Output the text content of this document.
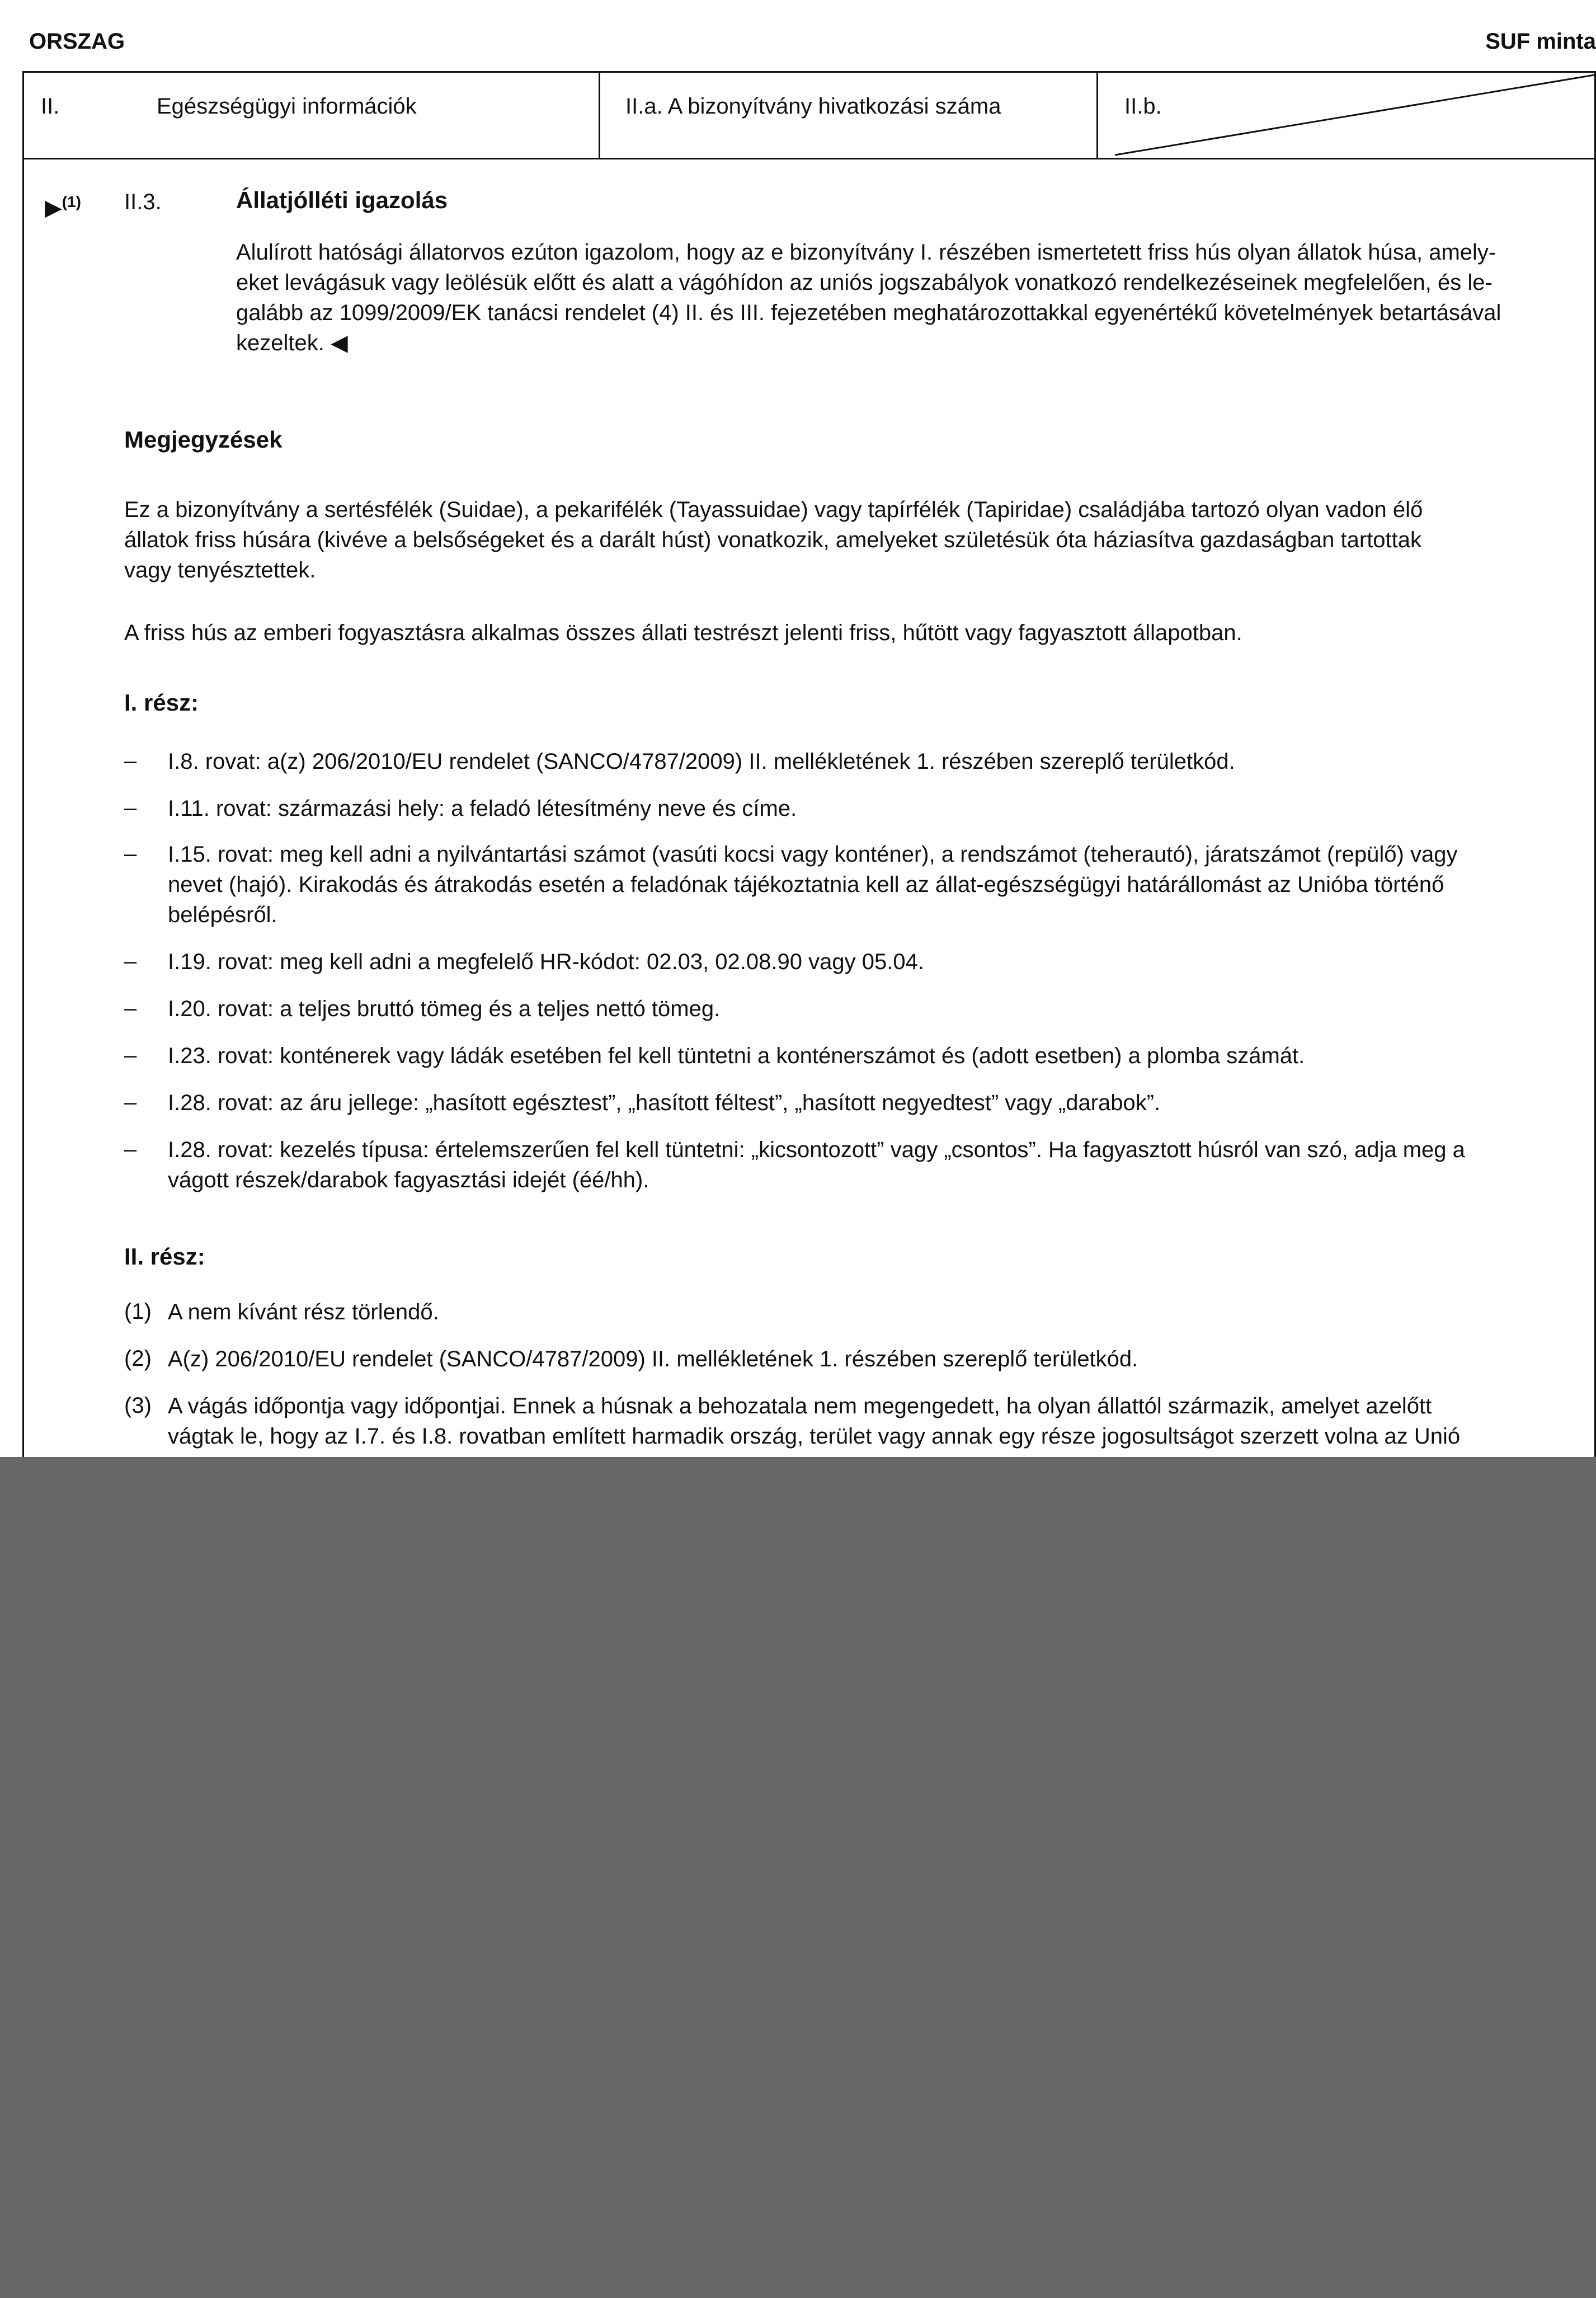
ORSZAG	SUF minta
II.	Egészségügyi információk	II.a. A bizonyítvány hivatkozási száma	II.b.
▶$^{(1)}$ II.3.	Állatjólléti igazolás
Alulírott hatósági állatorvos ezúton igazolom, hogy az e bizonyítvány I. részében ismertetett friss hús olyan állatok húsa, amely-
eket levágásuk vagy leölésük előtt és alatt a vágóhídon az uniós jogszabályok vonatkozó rendelkezéseinek megfelelően, és le-
galább az 1099/2009/EK tanácsi rendelet (4) II. és III. fejezetében meghatározottakkal egyenértékű követelmények betartásával
kezeltek. ◀
Megjegyzések
Ez a bizonyítvány a sertésfélék (Suidae), a pekarifélék (Tayassuidae) vagy tapírfélék (Tapiridae) családjába tartozó olyan vadon élő
állatok friss húsára (kivéve a belsőségeket és a darált húst) vonatkozik, amelyeket születésük óta háziasítva gazdaságban tartottak
vagy tenyésztettek.
A friss hús az emberi fogyasztásra alkalmas összes állati testrészt jelenti friss, hűtött vagy fagyasztott állapotban.
I. rész:
– I.8. rovat: a(z) 206/2010/EU rendelet (SANCO/4787/2009) II. mellékletének 1. részében szereplő területkód.
– I.11. rovat: származási hely: a feladó létesítmény neve és címe.
– I.15. rovat: meg kell adni a nyilvántartási számot (vasúti kocsi vagy konténer), a rendszámot (teherautó), járatszámot (repülő) vagy
nevet (hajó). Kirakodás és átrakodás esetén a feladónak tájékoztatnia kell az állat-egészségügyi határállomást az Unióba történő
belépésről.
– I.19. rovat: meg kell adni a megfelelő HR-kódot: 02.03, 02.08.90 vagy 05.04.
– I.20. rovat: a teljes bruttó tömeg és a teljes nettó tömeg.
– I.23. rovat: konténerek vagy ládák esetében fel kell tüntetni a konténerszámot és (adott esetben) a plomba számát.
– I.28. rovat: az áru jellege: „hasított egésztest”, „hasított féltest”, „hasított negyedtest” vagy „darabok”.
– I.28. rovat: kezelés típusa: értelemszerűen fel kell tüntetni: „kicsontozott” vagy „csontos”. Ha fagyasztott húsról van szó, adja meg a
vágott részek/darabok fagyasztási idejét (éé/hh).
II. rész:
(1) A nem kívánt rész törlendő.
(2) A(z) 206/2010/EU rendelet (SANCO/4787/2009) II. mellékletének 1. részében szereplő területkód.
(3) A vágás időpontja vagy időpontjai. Ennek a húsnak a behozatala nem megengedett, ha olyan állattól származik, amelyet azelőtt
vágtak le, hogy az I.7. és I.8. rovatban említett harmadik ország, terület vagy annak egy része jogosultságot szerzett volna az Unió
